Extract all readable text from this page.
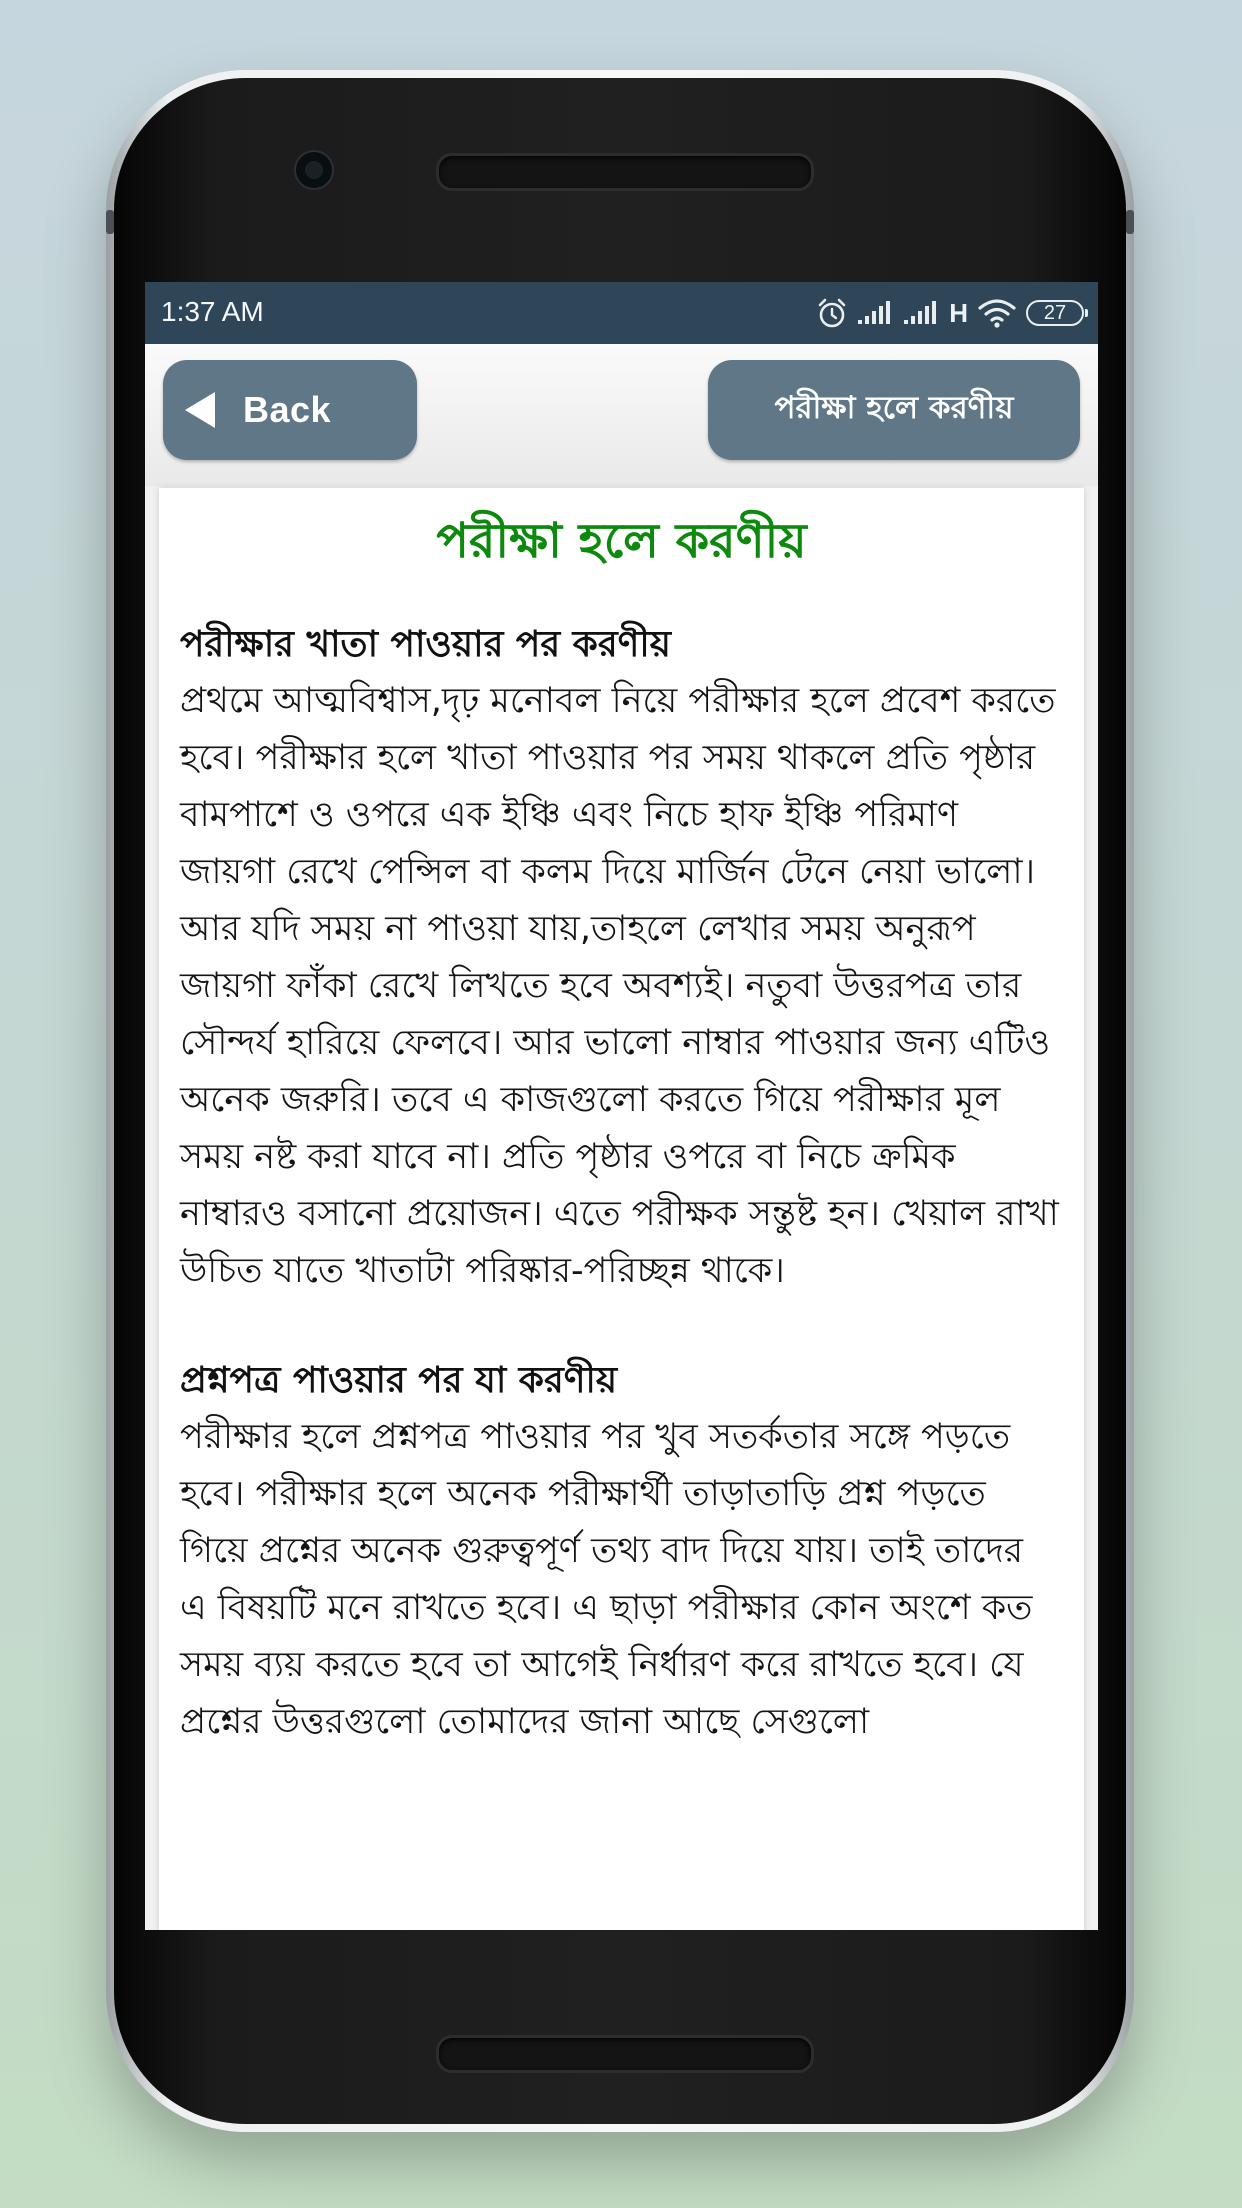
1:37 AM	H	27
Back	পরীক্ষা হলে করণীয়
পরীক্ষা হলে করণীয়

পরীক্ষার খাতা পাওয়ার পর করণীয়

প্রথমে আত্মবিশ্বাস,দৃঢ় মনোবল নিয়ে পরীক্ষার হলে প্রবেশ করতে হবে। পরীক্ষার হলে খাতা পাওয়ার পর সময় থাকলে প্রতি পৃষ্ঠার বামপাশে ও ওপরে এক ইঞ্চি এবং নিচে হাফ ইঞ্চি পরিমাণ জায়গা রেখে পেন্সিল বা কলম দিয়ে মার্জিন টেনে নেয়া ভালো। আর যদি সময় না পাওয়া যায়,তাহলে লেখার সময় অনুরূপ জায়গা ফাঁকা রেখে লিখতে হবে অবশ্যই। নতুবা উত্তরপত্র তার সৌন্দর্য হারিয়ে ফেলবে। আর ভালো নাম্বার পাওয়ার জন্য এটিও অনেক জরুরি। তবে এ কাজগুলো করতে গিয়ে পরীক্ষার মূল সময় নষ্ট করা যাবে না। প্রতি পৃষ্ঠার ওপরে বা নিচে ক্রমিক নাম্বারও বসানো প্রয়োজন। এতে পরীক্ষক সন্তুষ্ট হন। খেয়াল রাখা উচিত যাতে খাতাটা পরিষ্কার-পরিচ্ছন্ন থাকে।

প্রশ্নপত্র পাওয়ার পর যা করণীয়

পরীক্ষার হলে প্রশ্নপত্র পাওয়ার পর খুব সতর্কতার সঙ্গে পড়তে হবে। পরীক্ষার হলে অনেক পরীক্ষার্থী তাড়াতাড়ি প্রশ্ন পড়তে গিয়ে প্রশ্নের অনেক গুরুত্বপূর্ণ তথ্য বাদ দিয়ে যায়। তাই তাদের এ বিষয়টি মনে রাখতে হবে। এ ছাড়া পরীক্ষার কোন অংশে কত সময় ব্যয় করতে হবে তা আগেই নির্ধারণ করে রাখতে হবে। যে প্রশ্নের উত্তরগুলো তোমাদের জানা আছে সেগুলো
